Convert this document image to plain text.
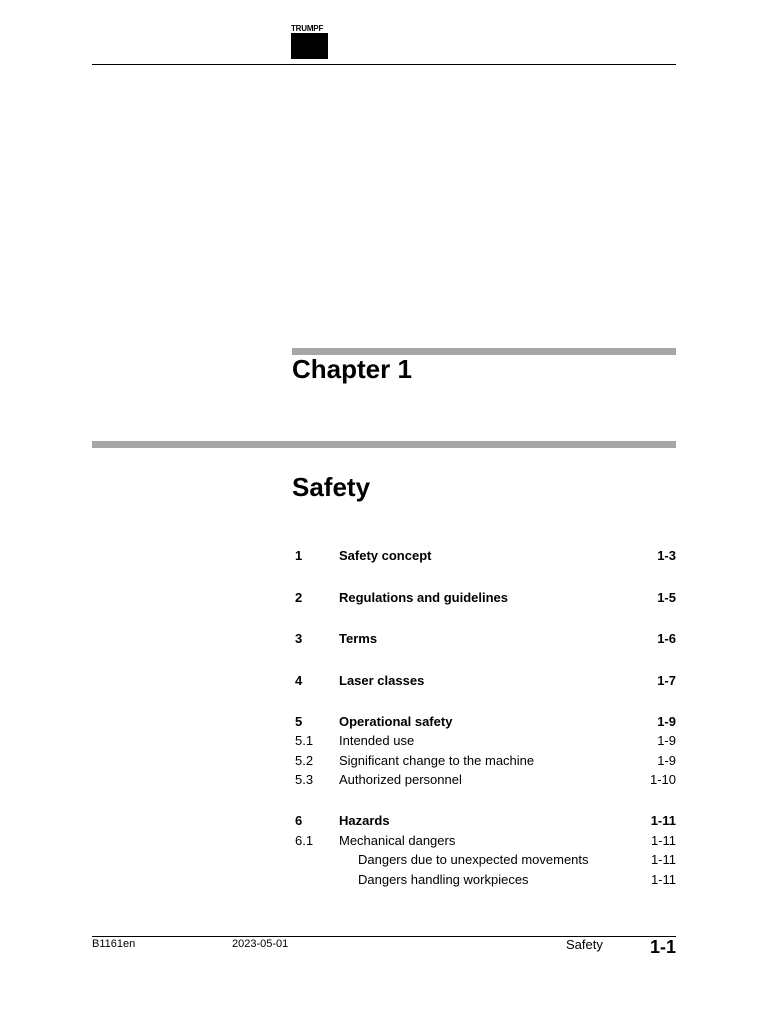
TRUMPF
Chapter 1
Safety
1	Safety concept	1-3
2	Regulations and guidelines	1-5
3	Terms	1-6
4	Laser classes	1-7
5	Operational safety	1-9
5.1 Intended use	1-9
5.2 Significant change to the machine	1-9
5.3 Authorized personnel	1-10
6	Hazards	1-11
6.1 Mechanical dangers	1-11
Dangers due to unexpected movements	1-11
Dangers handling workpieces	1-11
B1161en	2023-05-01	Safety	1-1
